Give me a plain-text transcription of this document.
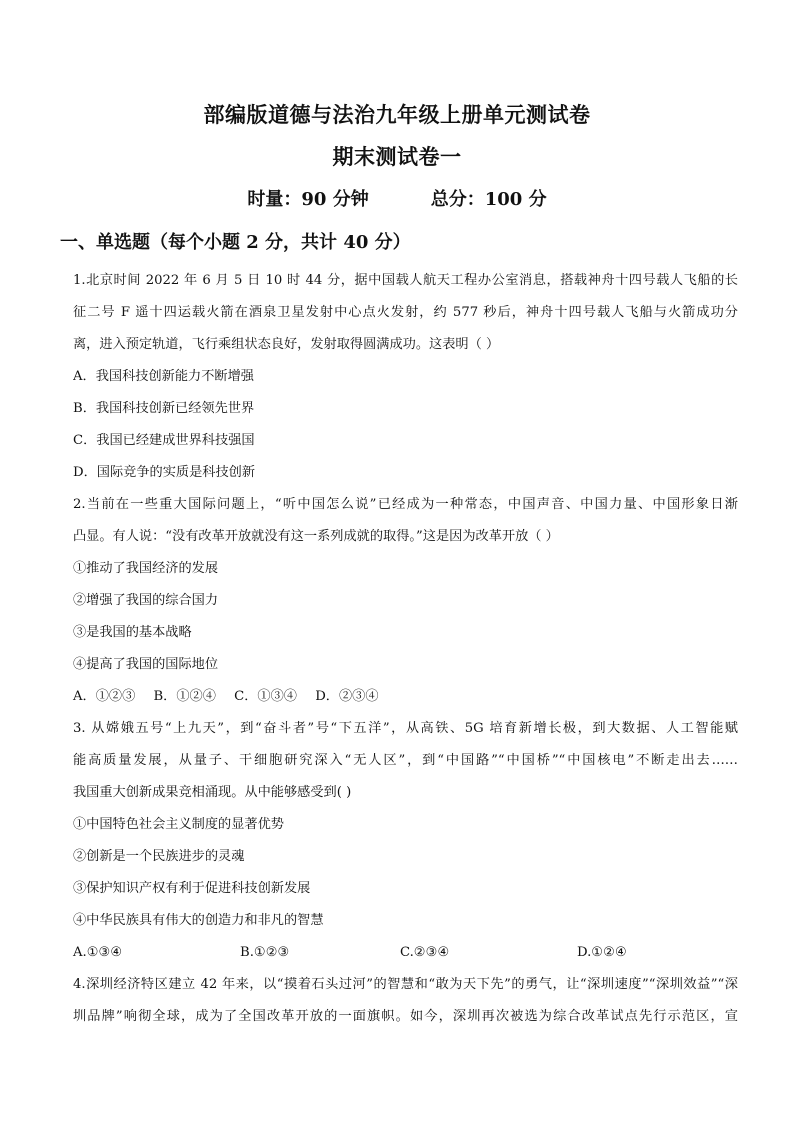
部编版道德与法治九年级上册单元测试卷
期末测试卷一
时量：90 分钟	总分：100 分
一、单选题（每个小题 2 分，共计 40 分）
1.北京时间 2022 年 6 月 5 日 10 时 44 分，据中国载人航天工程办公室消息，搭载神舟十四号载人飞船的长
征二号 F 遥十四运载火箭在酒泉卫星发射中心点火发射，约 577 秒后，神舟十四号载人飞船与火箭成功分
离，进入预定轨道，飞行乘组状态良好，发射取得圆满成功。这表明（ ）
A．我国科技创新能力不断增强
B．我国科技创新已经领先世界
C．我国已经建成世界科技强国
D．国际竞争的实质是科技创新
2.当前在一些重大国际问题上，“听中国怎么说”已经成为一种常态，中国声音、中国力量、中国形象日渐
凸显。有人说：“没有改革开放就没有这一系列成就的取得。”这是因为改革开放（ ）
①推动了我国经济的发展
②增强了我国的综合国力
③是我国的基本战略
④提高了我国的国际地位
A．①②③ B．①②④ C．①③④ D．②③④
3. 从嫦娥五号“上九天”，到“奋斗者”号“下五洋”，从高铁、5G 培育新增长极，到大数据、人工智能赋
能高质量发展，从量子、干细胞研究深入“无人区”，到“中国路”“中国桥”“中国核电”不断走出去……
我国重大创新成果竞相涌现。从中能够感受到( )
①中国特色社会主义制度的显著优势
②创新是一个民族进步的灵魂
③保护知识产权有利于促进科技创新发展
④中华民族具有伟大的创造力和非凡的智慧
A.①③④	B.①②③	C.②③④	D.①②④
4.深圳经济特区建立 42 年来，以“摸着石头过河”的智慧和“敢为天下先”的勇气，让“深圳速度”“深圳效益”“深
圳品牌”响彻全球，成为了全国改革开放的一面旗帜。如今，深圳再次被选为综合改革试点先行示范区，宣
